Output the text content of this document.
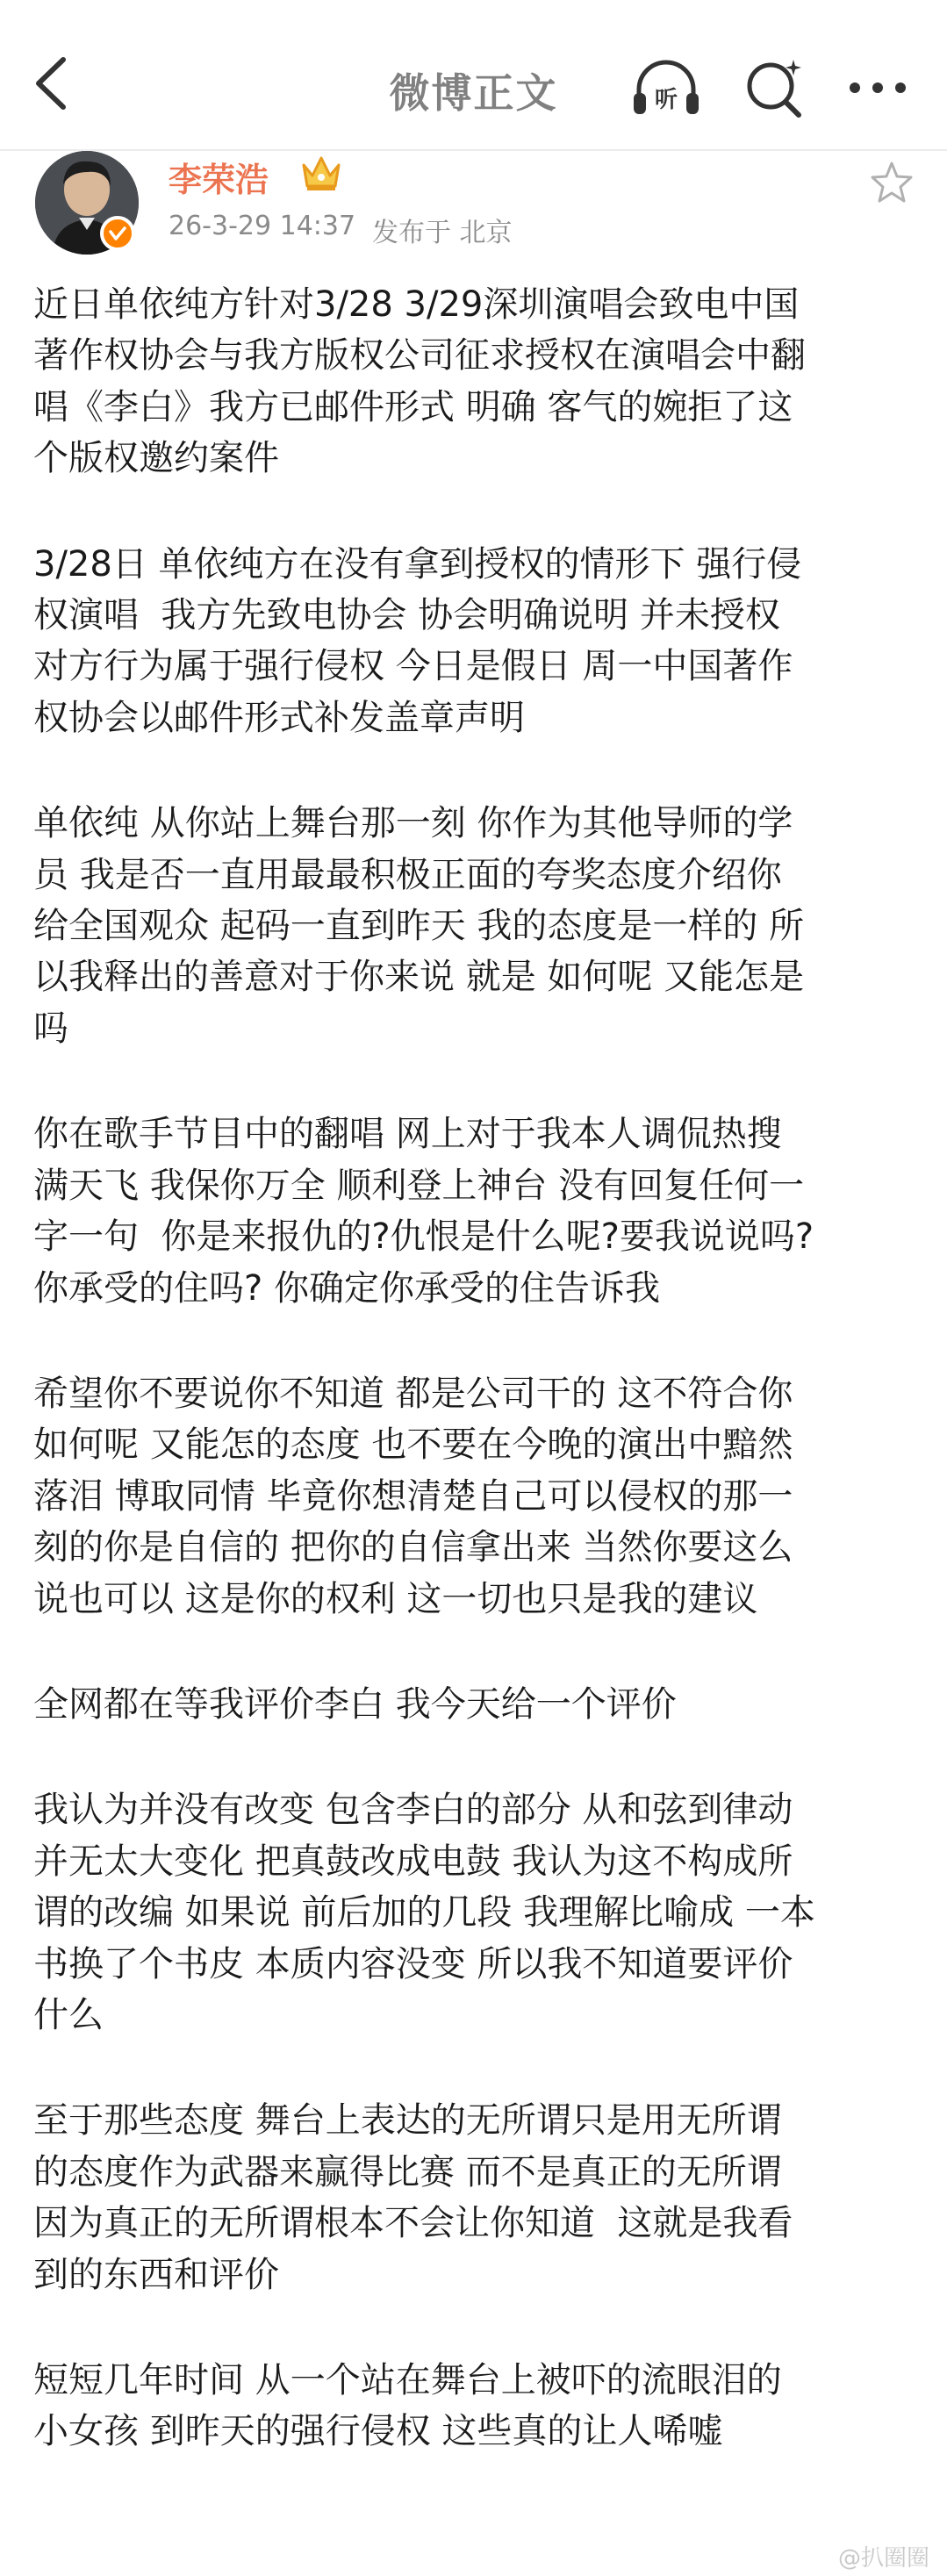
微博正文	听
李荣浩
26-3-29 14:37 发布于 北京

近日单依纯方针对3/28 3/29深圳演唱会致电中国
著作权协会与我方版权公司征求授权在演唱会中翻
唱《李白》我方已邮件形式 明确 客气的婉拒了这
个版权邀约案件

3/28日 单依纯方在没有拿到授权的情形下 强行侵
权演唱  我方先致电协会 协会明确说明 并未授权
对方行为属于强行侵权 今日是假日 周一中国著作
权协会以邮件形式补发盖章声明

单依纯 从你站上舞台那一刻 你作为其他导师的学
员 我是否一直用最最积极正面的夸奖态度介绍你
给全国观众 起码一直到昨天 我的态度是一样的 所
以我释出的善意对于你来说 就是 如何呢 又能怎是
吗

你在歌手节目中的翻唱 网上对于我本人调侃热搜
满天飞 我保你万全 顺利登上神台 没有回复任何一
字一句  你是来报仇的?仇恨是什么呢?要我说说吗?
你承受的住吗? 你确定你承受的住告诉我

希望你不要说你不知道 都是公司干的 这不符合你
如何呢 又能怎的态度 也不要在今晚的演出中黯然
落泪 博取同情 毕竟你想清楚自己可以侵权的那一
刻的你是自信的 把你的自信拿出来 当然你要这么
说也可以 这是你的权利 这一切也只是我的建议

全网都在等我评价李白 我今天给一个评价

我认为并没有改变 包含李白的部分 从和弦到律动
并无太大变化 把真鼓改成电鼓 我认为这不构成所
谓的改编 如果说 前后加的几段 我理解比喻成 一本
书换了个书皮 本质内容没变 所以我不知道要评价
什么

至于那些态度 舞台上表达的无所谓只是用无所谓
的态度作为武器来赢得比赛 而不是真正的无所谓
因为真正的无所谓根本不会让你知道  这就是我看
到的东西和评价

短短几年时间 从一个站在舞台上被吓的流眼泪的
小女孩 到昨天的强行侵权 这些真的让人唏嘘

@扒圈圈
